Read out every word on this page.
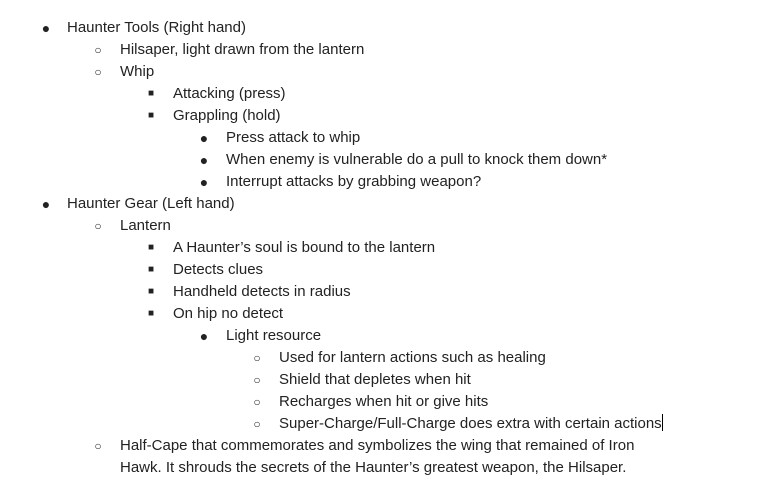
● Haunter Tools (Right hand)
○ Hilsaper, light drawn from the lantern
○ Whip
■ Attacking (press)
■ Grappling (hold)
● Press attack to whip
● When enemy is vulnerable do a pull to knock them down*
● Interrupt attacks by grabbing weapon?
● Haunter Gear (Left hand)
○ Lantern
■ A Haunter’s soul is bound to the lantern
■ Detects clues
■ Handheld detects in radius
■ On hip no detect
● Light resource
○ Used for lantern actions such as healing
○ Shield that depletes when hit
○ Recharges when hit or give hits
○ Super-Charge/Full-Charge does extra with certain actions
○ Half-Cape that commemorates and symbolizes the wing that remained of Iron Hawk. It shrouds the secrets of the Haunter’s greatest weapon, the Hilsaper.
